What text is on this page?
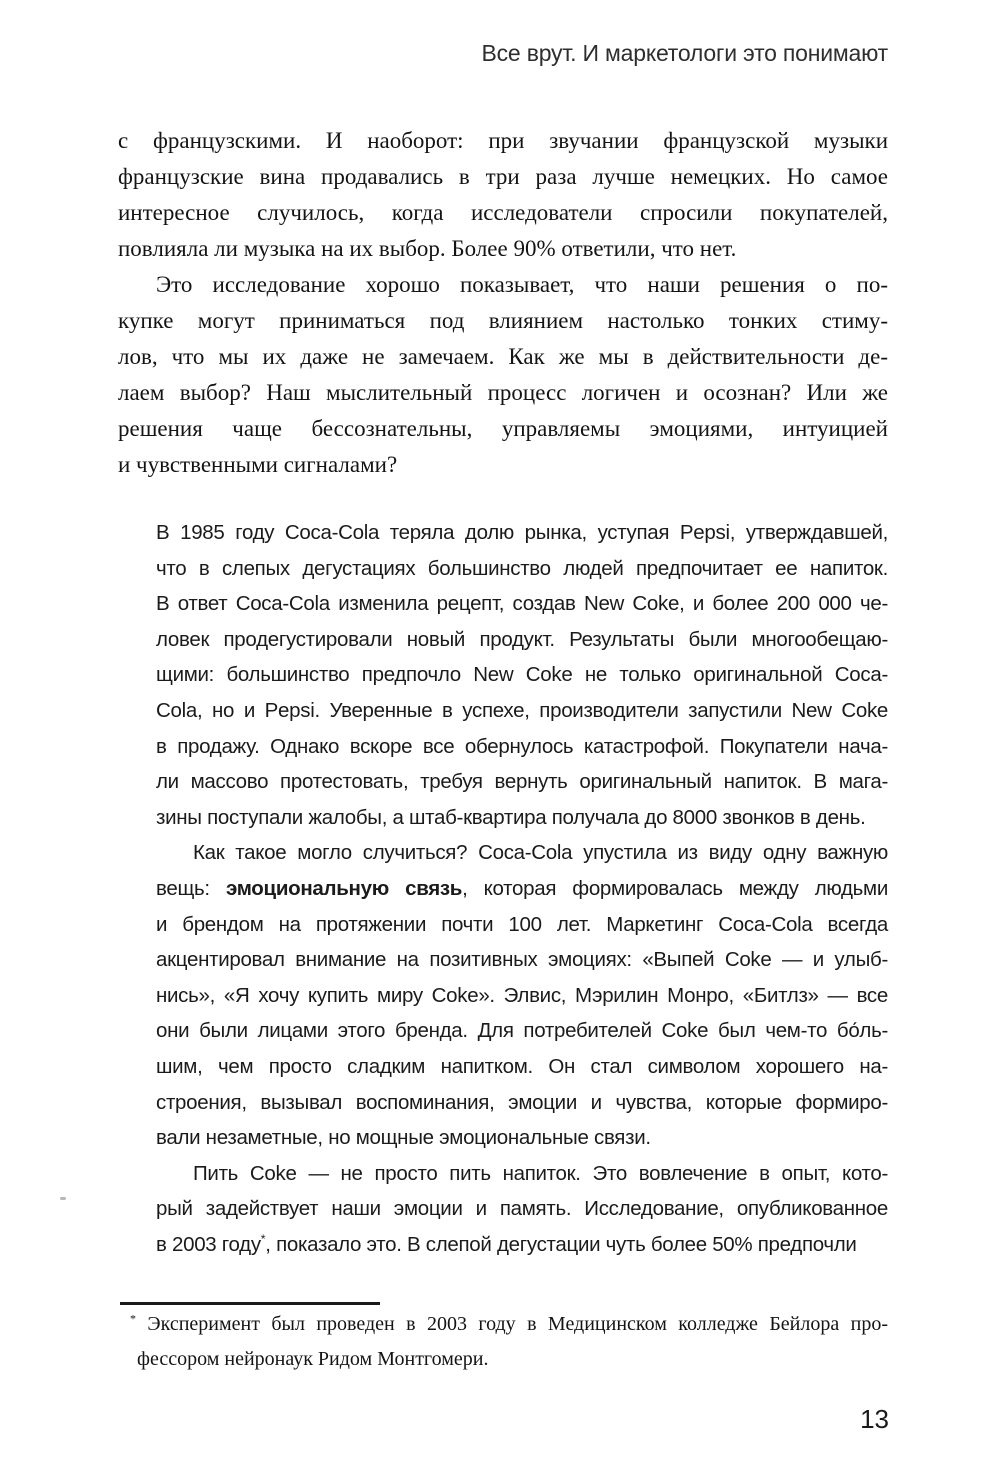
Все врут. И маркетологи это понимают
с французскими. И наоборот: при звучании французской музыки
французские вина продавались в три раза лучше немецких. Но самое
интересное случилось, когда исследователи спросили покупателей,
повлияла ли музыка на их выбор. Более 90% ответили, что нет.
Это исследование хорошо показывает, что наши решения о по-
купке могут приниматься под влиянием настолько тонких стиму-
лов, что мы их даже не замечаем. Как же мы в действительности де-
лаем выбор? Наш мыслительный процесс логичен и осознан? Или же
решения чаще бессознательны, управляемы эмоциями, интуицией
и чувственными сигналами?
В 1985 году Coca-Cola теряла долю рынка, уступая Pepsi, утверждавшей,
что в слепых дегустациях большинство людей предпочитает ее напиток.
В ответ Coca-Cola изменила рецепт, создав New Coke, и более 200 000 че-
ловек продегустировали новый продукт. Результаты были многообещаю-
щими: большинство предпочло New Coke не только оригинальной Coca-
Cola, но и Pepsi. Уверенные в успехе, производители запустили New Coke
в продажу. Однако вскоре все обернулось катастрофой. Покупатели нача-
ли массово протестовать, требуя вернуть оригинальный напиток. В мага-
зины поступали жалобы, а штаб-квартира получала до 8000 звонков в день.
Как такое могло случиться? Coca-Cola упустила из виду одну важную
вещь: эмоциональную связь, которая формировалась между людьми
и брендом на протяжении почти 100 лет. Маркетинг Coca-Cola всегда
акцентировал внимание на позитивных эмоциях: «Выпей Coke — и улыб-
нись», «Я хочу купить миру Coke». Элвис, Мэрилин Монро, «Битлз» — все
они были лицами этого бренда. Для потребителей Coke был чем-то бо́ль-
шим, чем просто сладким напитком. Он стал символом хорошего на-
строения, вызывал воспоминания, эмоции и чувства, которые формиро-
вали незаметные, но мощные эмоциональные связи.
Пить Coke — не просто пить напиток. Это вовлечение в опыт, кото-
рый задействует наши эмоции и память. Исследование, опубликованное
в 2003 году*, показало это. В слепой дегустации чуть более 50% предпочли
* Эксперимент был проведен в 2003 году в Медицинском колледже Бейлора про-
фессором нейронаук Ридом Монтгомери.
13
